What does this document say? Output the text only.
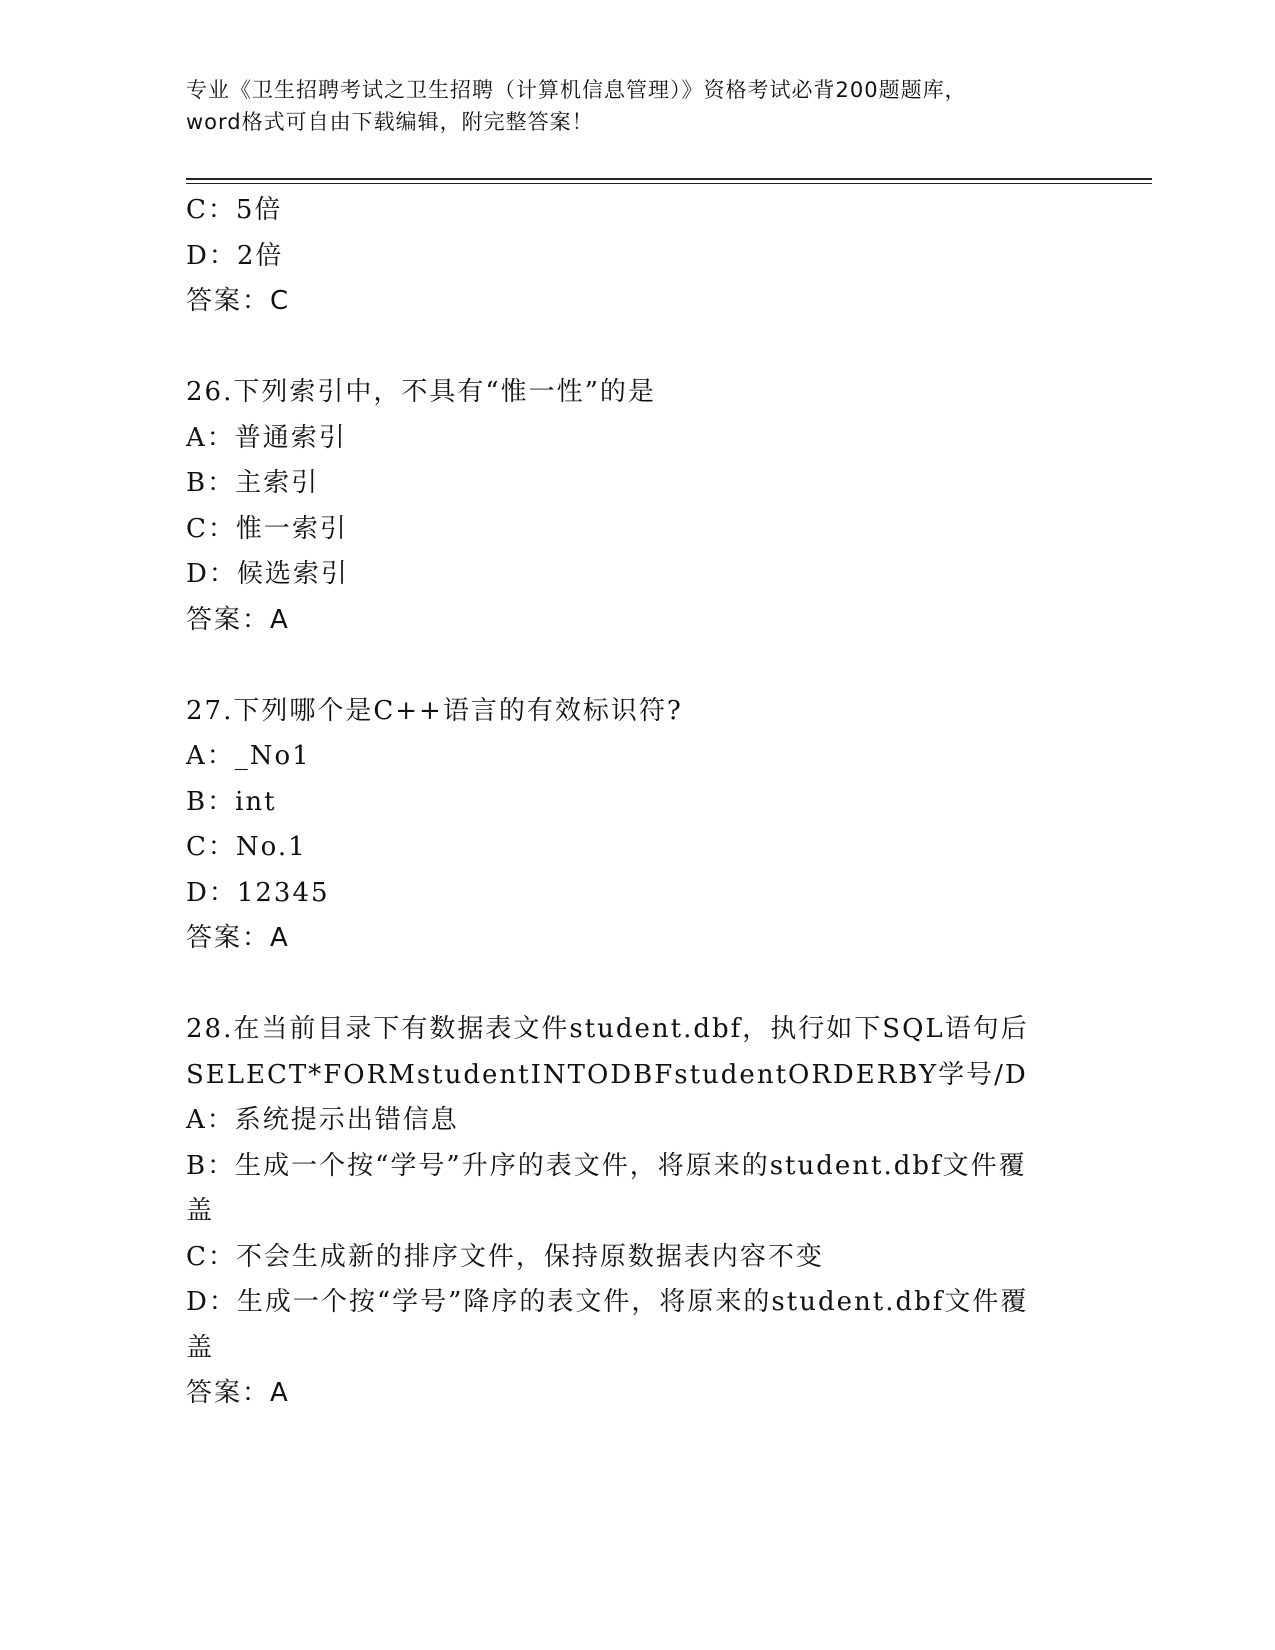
专业《卫生招聘考试之卫生招聘（计算机信息管理）》资格考试必背200题题库，
word格式可自由下载编辑，附完整答案！
C：5倍
D：2倍
答案：C
26.下列索引中，不具有“惟一性”的是
A：普通索引
B：主索引
C：惟一索引
D：候选索引
答案：A
27.下列哪个是C++语言的有效标识符?
A：_No1
B：int
C：No.1
D：12345
答案：A
28.在当前目录下有数据表文件student.dbf，执行如下SQL语句后
SELECT*FORMstudentINTODBFstudentORDERBY学号/D
A：系统提示出错信息
B：生成一个按“学号”升序的表文件，将原来的student.dbf文件覆
盖
C：不会生成新的排序文件，保持原数据表内容不变
D：生成一个按“学号”降序的表文件，将原来的student.dbf文件覆
盖
答案：A
